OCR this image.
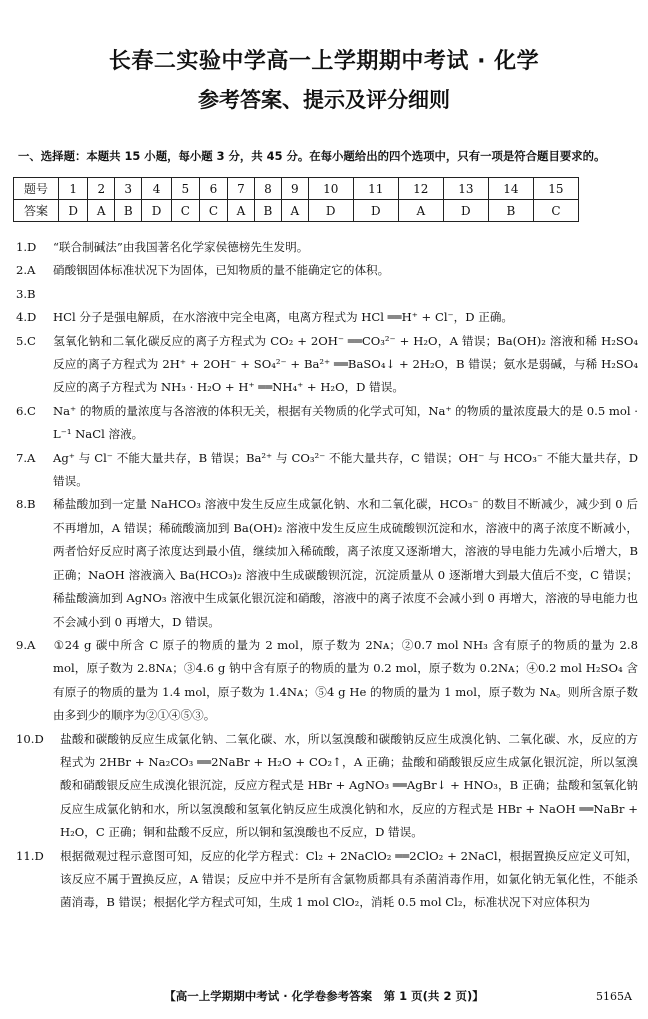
长春二实验中学高一上学期期中考试 · 化学
参考答案、提示及评分细则
一、选择题：本题共 15 小题，每小题 3 分，共 45 分。在每小题给出的四个选项中，只有一项是符合题目要求的。
题号	1	2	3	4	5	6	7	8	9	10	11	12	13	14	15
答案	D	A	B	D	C	C	A	B	A	D	D	A	D	B	C

1.D “联合制碱法”由我国著名化学家侯德榜先生发明。

2.A 硝酸铟固体标准状况下为固体，已知物质的量不能确定它的体积。

3.B

4.D HCl 分子是强电解质，在水溶液中完全电离，电离方程式为 HCl ══H⁺ + Cl⁻，D 正确。

5.C 氢氧化钠和二氧化碳反应的离子方程式为 CO₂ + 2OH⁻ ══CO₃²⁻ + H₂O，A 错误；Ba(OH)₂ 溶液和稀 H₂SO₄ 反应的离子方程式为 2H⁺ + 2OH⁻ + SO₄²⁻ + Ba²⁺ ══BaSO₄↓ + 2H₂O，B 错误；氨水是弱碱，与稀 H₂SO₄ 反应的离子方程式为 NH₃ · H₂O + H⁺ ══NH₄⁺ + H₂O，D 错误。

6.C Na⁺ 的物质的量浓度与各溶液的体积无关，根据有关物质的化学式可知，Na⁺ 的物质的量浓度最大的是 0.5 mol · L⁻¹ NaCl 溶液。

7.A Ag⁺ 与 Cl⁻ 不能大量共存，B 错误；Ba²⁺ 与 CO₃²⁻ 不能大量共存，C 错误；OH⁻ 与 HCO₃⁻ 不能大量共存，D 错误。

8.B 稀盐酸加到一定量 NaHCO₃ 溶液中发生反应生成氯化钠、水和二氧化碳，HCO₃⁻ 的数目不断减少，减少到 0 后不再增加，A 错误；稀硫酸滴加到 Ba(OH)₂ 溶液中发生反应生成硫酸钡沉淀和水，溶液中的离子浓度不断减小，两者恰好反应时离子浓度达到最小值，继续加入稀硫酸，离子浓度又逐渐增大，溶液的导电能力先减小后增大，B 正确；NaOH 溶液滴入 Ba(HCO₃)₂ 溶液中生成碳酸钡沉淀，沉淀质量从 0 逐渐增大到最大值后不变，C 错误；稀盐酸滴加到 AgNO₃ 溶液中生成氯化银沉淀和硝酸，溶液中的离子浓度不会减小到 0 再增大，溶液的导电能力也不会减小到 0 再增大，D 错误。

9.A ①24 g 碳中所含 C 原子的物质的量为 2 mol，原子数为 2Nᴀ；②0.7 mol NH₃ 含有原子的物质的量为 2.8 mol，原子数为 2.8Nᴀ；③4.6 g 钠中含有原子的物质的量为 0.2 mol，原子数为 0.2Nᴀ；④0.2 mol H₂SO₄ 含有原子的物质的量为 1.4 mol，原子数为 1.4Nᴀ；⑤4 g He 的物质的量为 1 mol，原子数为 Nᴀ。则所含原子数由多到少的顺序为②①④⑤③。

10.D 盐酸和碳酸钠反应生成氯化钠、二氧化碳、水，所以氢溴酸和碳酸钠反应生成溴化钠、二氧化碳、水，反应的方程式为 2HBr + Na₂CO₃ ══2NaBr + H₂O + CO₂↑，A 正确；盐酸和硝酸银反应生成氯化银沉淀，所以氢溴酸和硝酸银反应生成溴化银沉淀，反应方程式是 HBr + AgNO₃ ══AgBr↓ + HNO₃，B 正确；盐酸和氢氧化钠反应生成氯化钠和水，所以氢溴酸和氢氧化钠反应生成溴化钠和水，反应的方程式是 HBr + NaOH ══NaBr + H₂O，C 正确；铜和盐酸不反应，所以铜和氢溴酸也不反应，D 错误。

11.D 根据微观过程示意图可知，反应的化学方程式：Cl₂ + 2NaClO₂ ══2ClO₂ + 2NaCl，根据置换反应定义可知，该反应不属于置换反应，A 错误；反应中并不是所有含氯物质都具有杀菌消毒作用，如氯化钠无氧化性，不能杀菌消毒，B 错误；根据化学方程式可知，生成 1 mol ClO₂，消耗 0.5 mol Cl₂，标准状况下对应体积为

【高一上学期期中考试 · 化学卷参考答案　第 1 页(共 2 页)】	5165A
